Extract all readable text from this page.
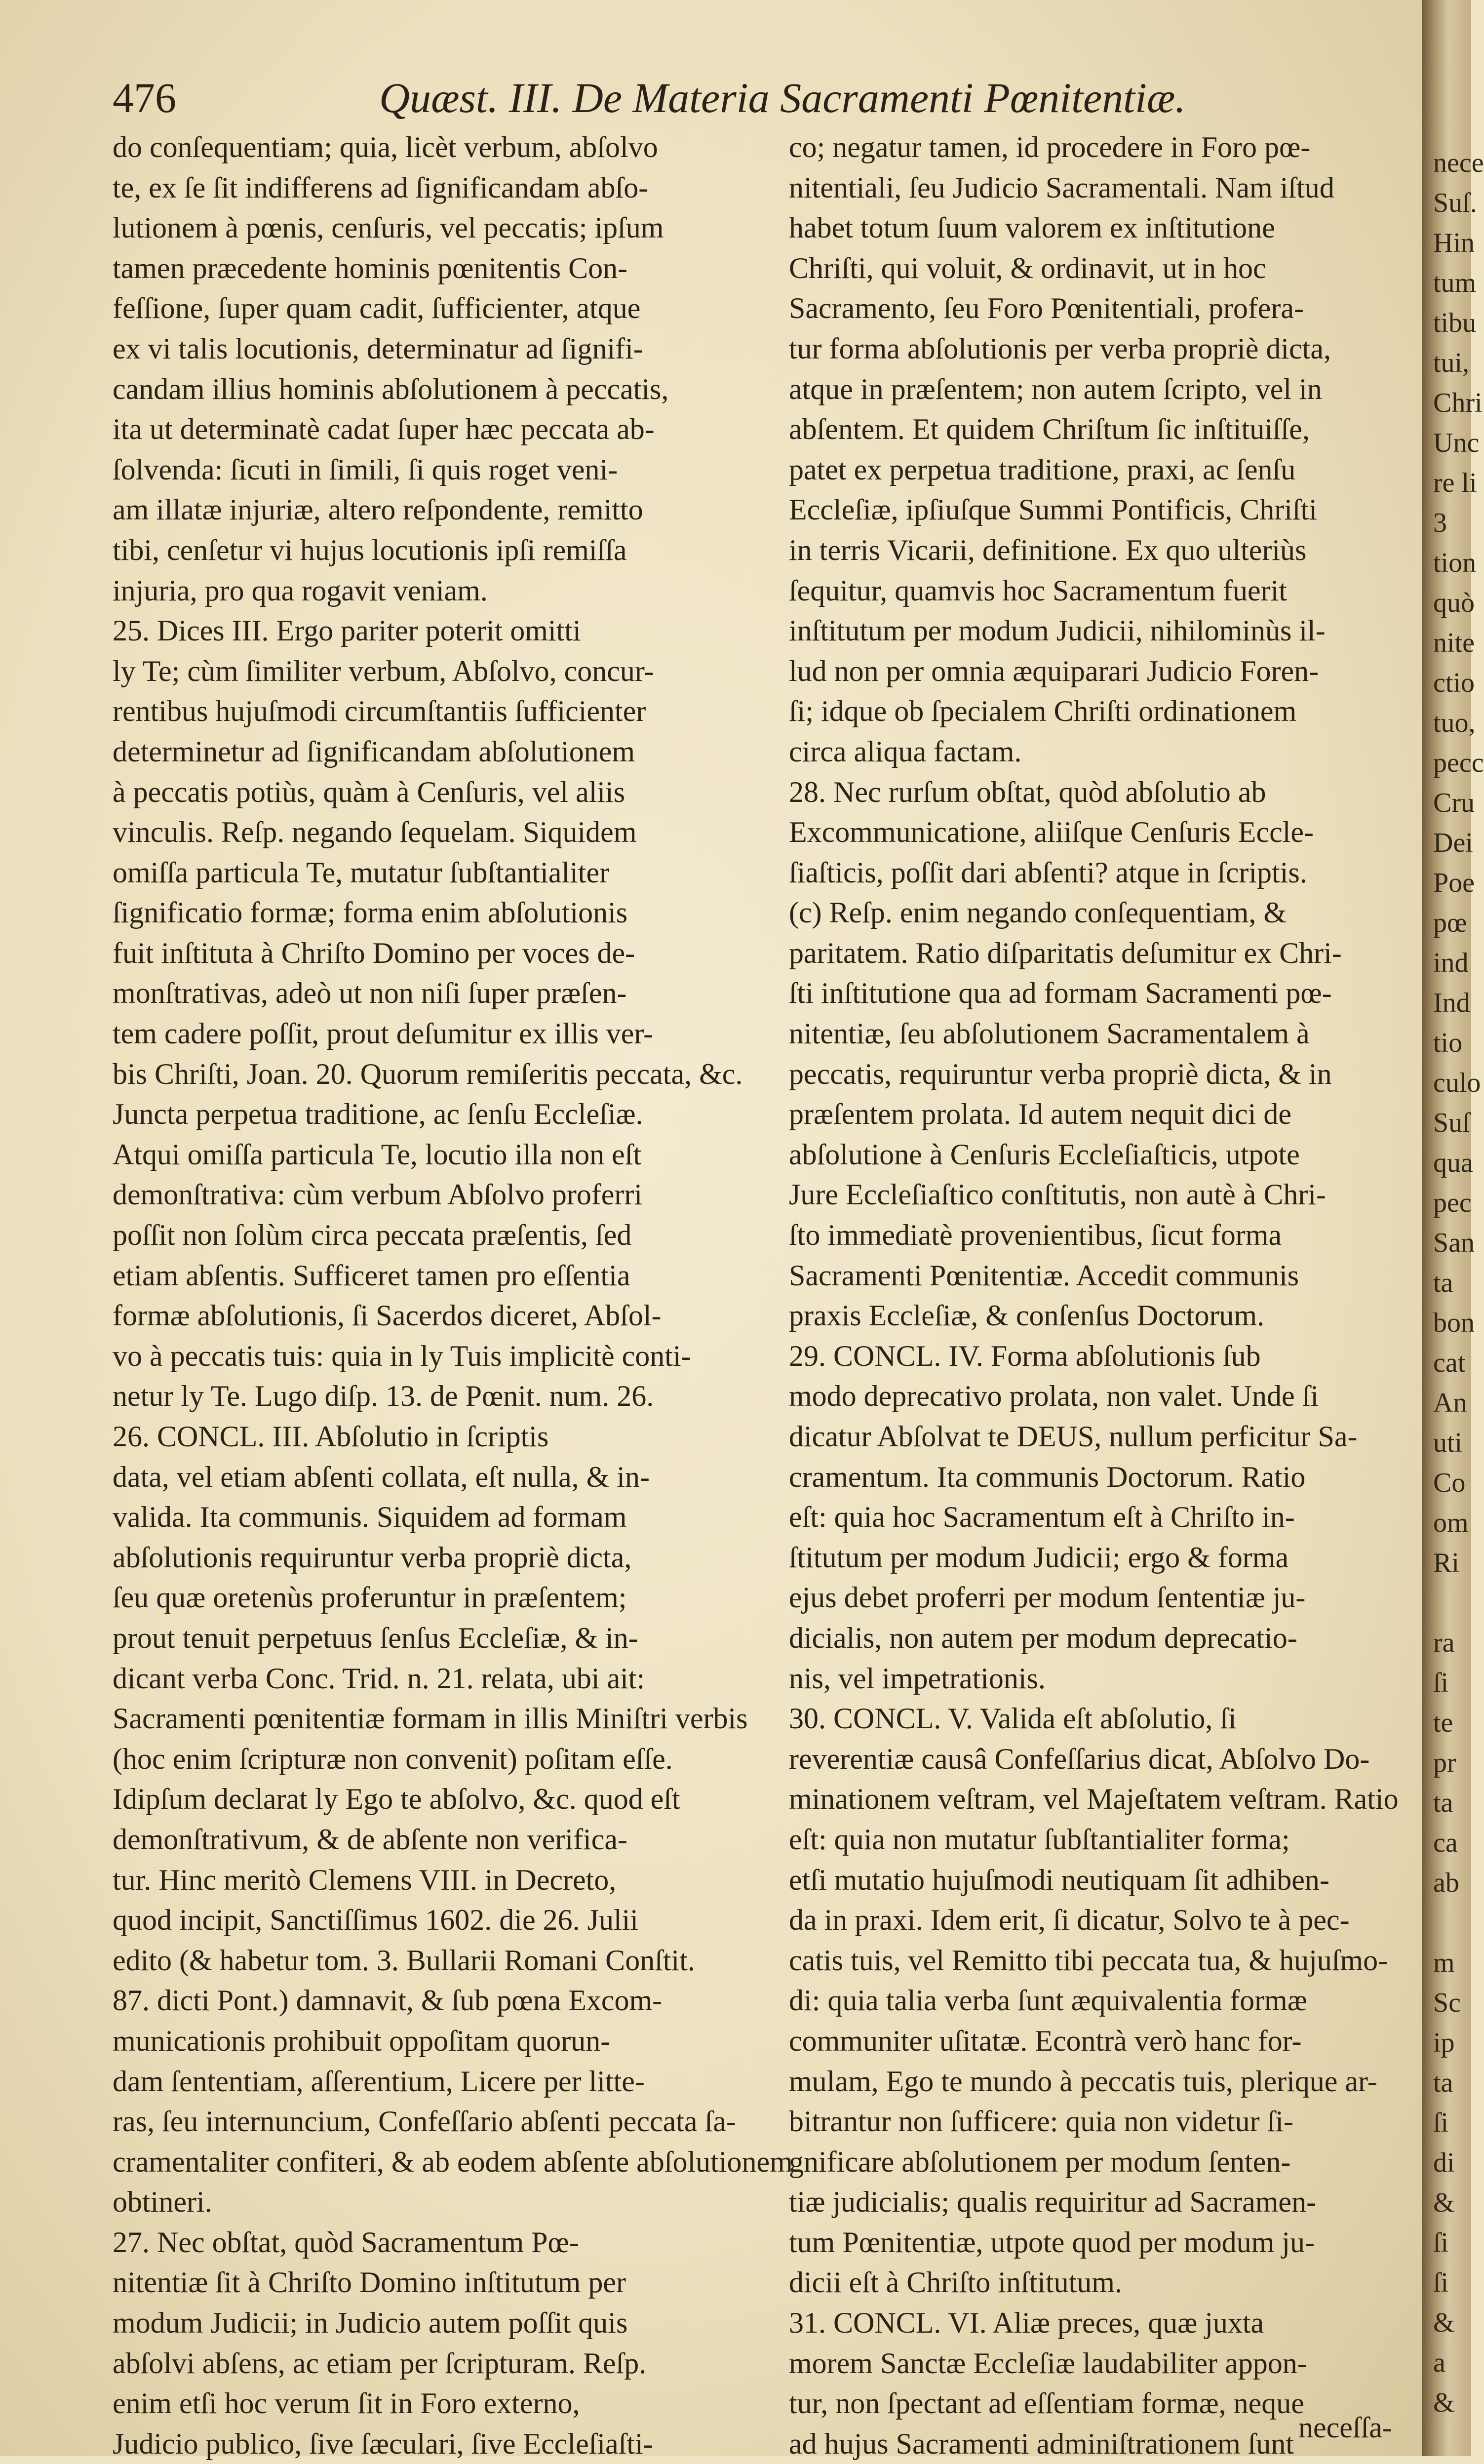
476	Quæst. III. De Materia Sacramenti Pœnitentiæ.
do conſequentiam; quia, licèt verbum, abſolvo
te, ex ſe ſit indifferens ad ſignificandam abſo-
lutionem à pœnis, cenſuris, vel peccatis; ipſum
tamen præcedente hominis pœnitentis Con-
feſſione, ſuper quam cadit, ſufficienter, atque
ex vi talis locutionis, determinatur ad ſignifi-
candam illius hominis abſolutionem à peccatis,
ita ut determinatè cadat ſuper hæc peccata ab-
ſolvenda: ſicuti in ſimili, ſi quis roget veni-
am illatæ injuriæ, altero reſpondente, remitto
tibi, cenſetur vi hujus locutionis ipſi remiſſa
injuria, pro qua rogavit veniam.
25. Dices III. Ergo pariter poterit omitti
ly Te; cùm ſimiliter verbum, Abſolvo, concur-
rentibus hujuſmodi circumſtantiis ſufficienter
determinetur ad ſignificandam abſolutionem
à peccatis potiùs, quàm à Cenſuris, vel aliis
vinculis. Reſp. negando ſequelam. Siquidem
omiſſa particula Te, mutatur ſubſtantialiter
ſignificatio formæ; forma enim abſolutionis
fuit inſtituta à Chriſto Domino per voces de-
monſtrativas, adeò ut non niſi ſuper præſen-
tem cadere poſſit, prout deſumitur ex illis ver-
bis Chriſti, Joan. 20. Quorum remiſeritis peccata, &c.
Juncta perpetua traditione, ac ſenſu Eccleſiæ.
Atqui omiſſa particula Te, locutio illa non eſt
demonſtrativa: cùm verbum Abſolvo proferri
poſſit non ſolùm circa peccata præſentis, ſed
etiam abſentis. Sufficeret tamen pro eſſentia
formæ abſolutionis, ſi Sacerdos diceret, Abſol-
vo à peccatis tuis: quia in ly Tuis implicitè conti-
netur ly Te. Lugo diſp. 13. de Pœnit. num. 26.
26. CONCL. III. Abſolutio in ſcriptis
data, vel etiam abſenti collata, eſt nulla, & in-
valida. Ita communis. Siquidem ad formam
abſolutionis requiruntur verba propriè dicta,
ſeu quæ oretenùs proferuntur in præſentem;
prout tenuit perpetuus ſenſus Eccleſiæ, & in-
dicant verba Conc. Trid. n. 21. relata, ubi ait:
Sacramenti pœnitentiæ formam in illis Miniſtri verbis
(hoc enim ſcripturæ non convenit) poſitam eſſe.
Idipſum declarat ly Ego te abſolvo, &c. quod eſt
demonſtrativum, & de abſente non verifica-
tur. Hinc meritò Clemens VIII. in Decreto,
quod incipit, Sanctiſſimus 1602. die 26. Julii
edito (& habetur tom. 3. Bullarii Romani Conſtit.
87. dicti Pont.) damnavit, & ſub pœna Excom-
municationis prohibuit oppoſitam quorun-
dam ſententiam, aſſerentium, Licere per litte-
ras, ſeu internuncium, Confeſſario abſenti peccata ſa-
cramentaliter confiteri, & ab eodem abſente abſolutionem
obtineri.
27. Nec obſtat, quòd Sacramentum Pœ-
nitentiæ ſit à Chriſto Domino inſtitutum per
modum Judicii; in Judicio autem poſſit quis
abſolvi abſens, ac etiam per ſcripturam. Reſp.
enim etſi hoc verum ſit in Foro externo,
Judicio publico, ſive ſæculari, ſive Eccleſiaſti-
co; negatur tamen, id procedere in Foro pœ-
nitentiali, ſeu Judicio Sacramentali. Nam iſtud
habet totum ſuum valorem ex inſtitutione
Chriſti, qui voluit, & ordinavit, ut in hoc
Sacramento, ſeu Foro Pœnitentiali, profera-
tur forma abſolutionis per verba propriè dicta,
atque in præſentem; non autem ſcripto, vel in
abſentem. Et quidem Chriſtum ſic inſtituiſſe,
patet ex perpetua traditione, praxi, ac ſenſu
Eccleſiæ, ipſiuſque Summi Pontificis, Chriſti
in terris Vicarii, definitione. Ex quo ulteriùs
ſequitur, quamvis hoc Sacramentum fuerit
inſtitutum per modum Judicii, nihilominùs il-
lud non per omnia æquiparari Judicio Foren-
ſi; idque ob ſpecialem Chriſti ordinationem
circa aliqua factam.
28. Nec rurſum obſtat, quòd abſolutio ab
Excommunicatione, aliiſque Cenſuris Eccle-
ſiaſticis, poſſit dari abſenti? atque in ſcriptis.
(c) Reſp. enim negando conſequentiam, &
paritatem. Ratio diſparitatis deſumitur ex Chri-
ſti inſtitutione qua ad formam Sacramenti pœ-
nitentiæ, ſeu abſolutionem Sacramentalem à
peccatis, requiruntur verba propriè dicta, & in
præſentem prolata. Id autem nequit dici de
abſolutione à Cenſuris Eccleſiaſticis, utpote
Jure Eccleſiaſtico conſtitutis, non autè à Chri-
ſto immediatè provenientibus, ſicut forma
Sacramenti Pœnitentiæ. Accedit communis
praxis Eccleſiæ, & conſenſus Doctorum.
29. CONCL. IV. Forma abſolutionis ſub
modo deprecativo prolata, non valet. Unde ſi
dicatur Abſolvat te DEUS, nullum perficitur Sa-
cramentum. Ita communis Doctorum. Ratio
eſt: quia hoc Sacramentum eſt à Chriſto in-
ſtitutum per modum Judicii; ergo & forma
ejus debet proferri per modum ſententiæ ju-
dicialis, non autem per modum deprecatio-
nis, vel impetrationis.
30. CONCL. V. Valida eſt abſolutio, ſi
reverentiæ causâ Confeſſarius dicat, Abſolvo Do-
minationem veſtram, vel Majeſtatem veſtram. Ratio
eſt: quia non mutatur ſubſtantialiter forma;
etſi mutatio hujuſmodi neutiquam ſit adhiben-
da in praxi. Idem erit, ſi dicatur, Solvo te à pec-
catis tuis, vel Remitto tibi peccata tua, & hujuſmo-
di: quia talia verba ſunt æquivalentia formæ
communiter uſitatæ. Econtrà verò hanc for-
mulam, Ego te mundo à peccatis tuis, plerique ar-
bitrantur non ſufficere: quia non videtur ſi-
gnificare abſolutionem per modum ſenten-
tiæ judicialis; qualis requiritur ad Sacramen-
tum Pœnitentiæ, utpote quod per modum ju-
dicii eſt à Chriſto inſtitutum.
31. CONCL. VI. Aliæ preces, quæ juxta
morem Sanctæ Eccleſiæ laudabiliter appon-
tur, non ſpectant ad eſſentiam formæ, neque
ad hujus Sacramenti adminiſtrationem ſunt neceſſa-
nece
Suſ.
Hin
tum
tibu
tui,
Chri
Unc
re li
3
tion
quò
nite
ctio
tuo,
pecc
Cru
Dei
Poe
pœ
ind
Ind
tio
culo
Suſ
qua
pec
San
ta
bon
cat
An
uti
Co
om
Ri
ra
ſi
te
pr
ta
ca
ab
m
Sc
ip
ta
ſi
di
&
ſi
ſi
&
a
&
